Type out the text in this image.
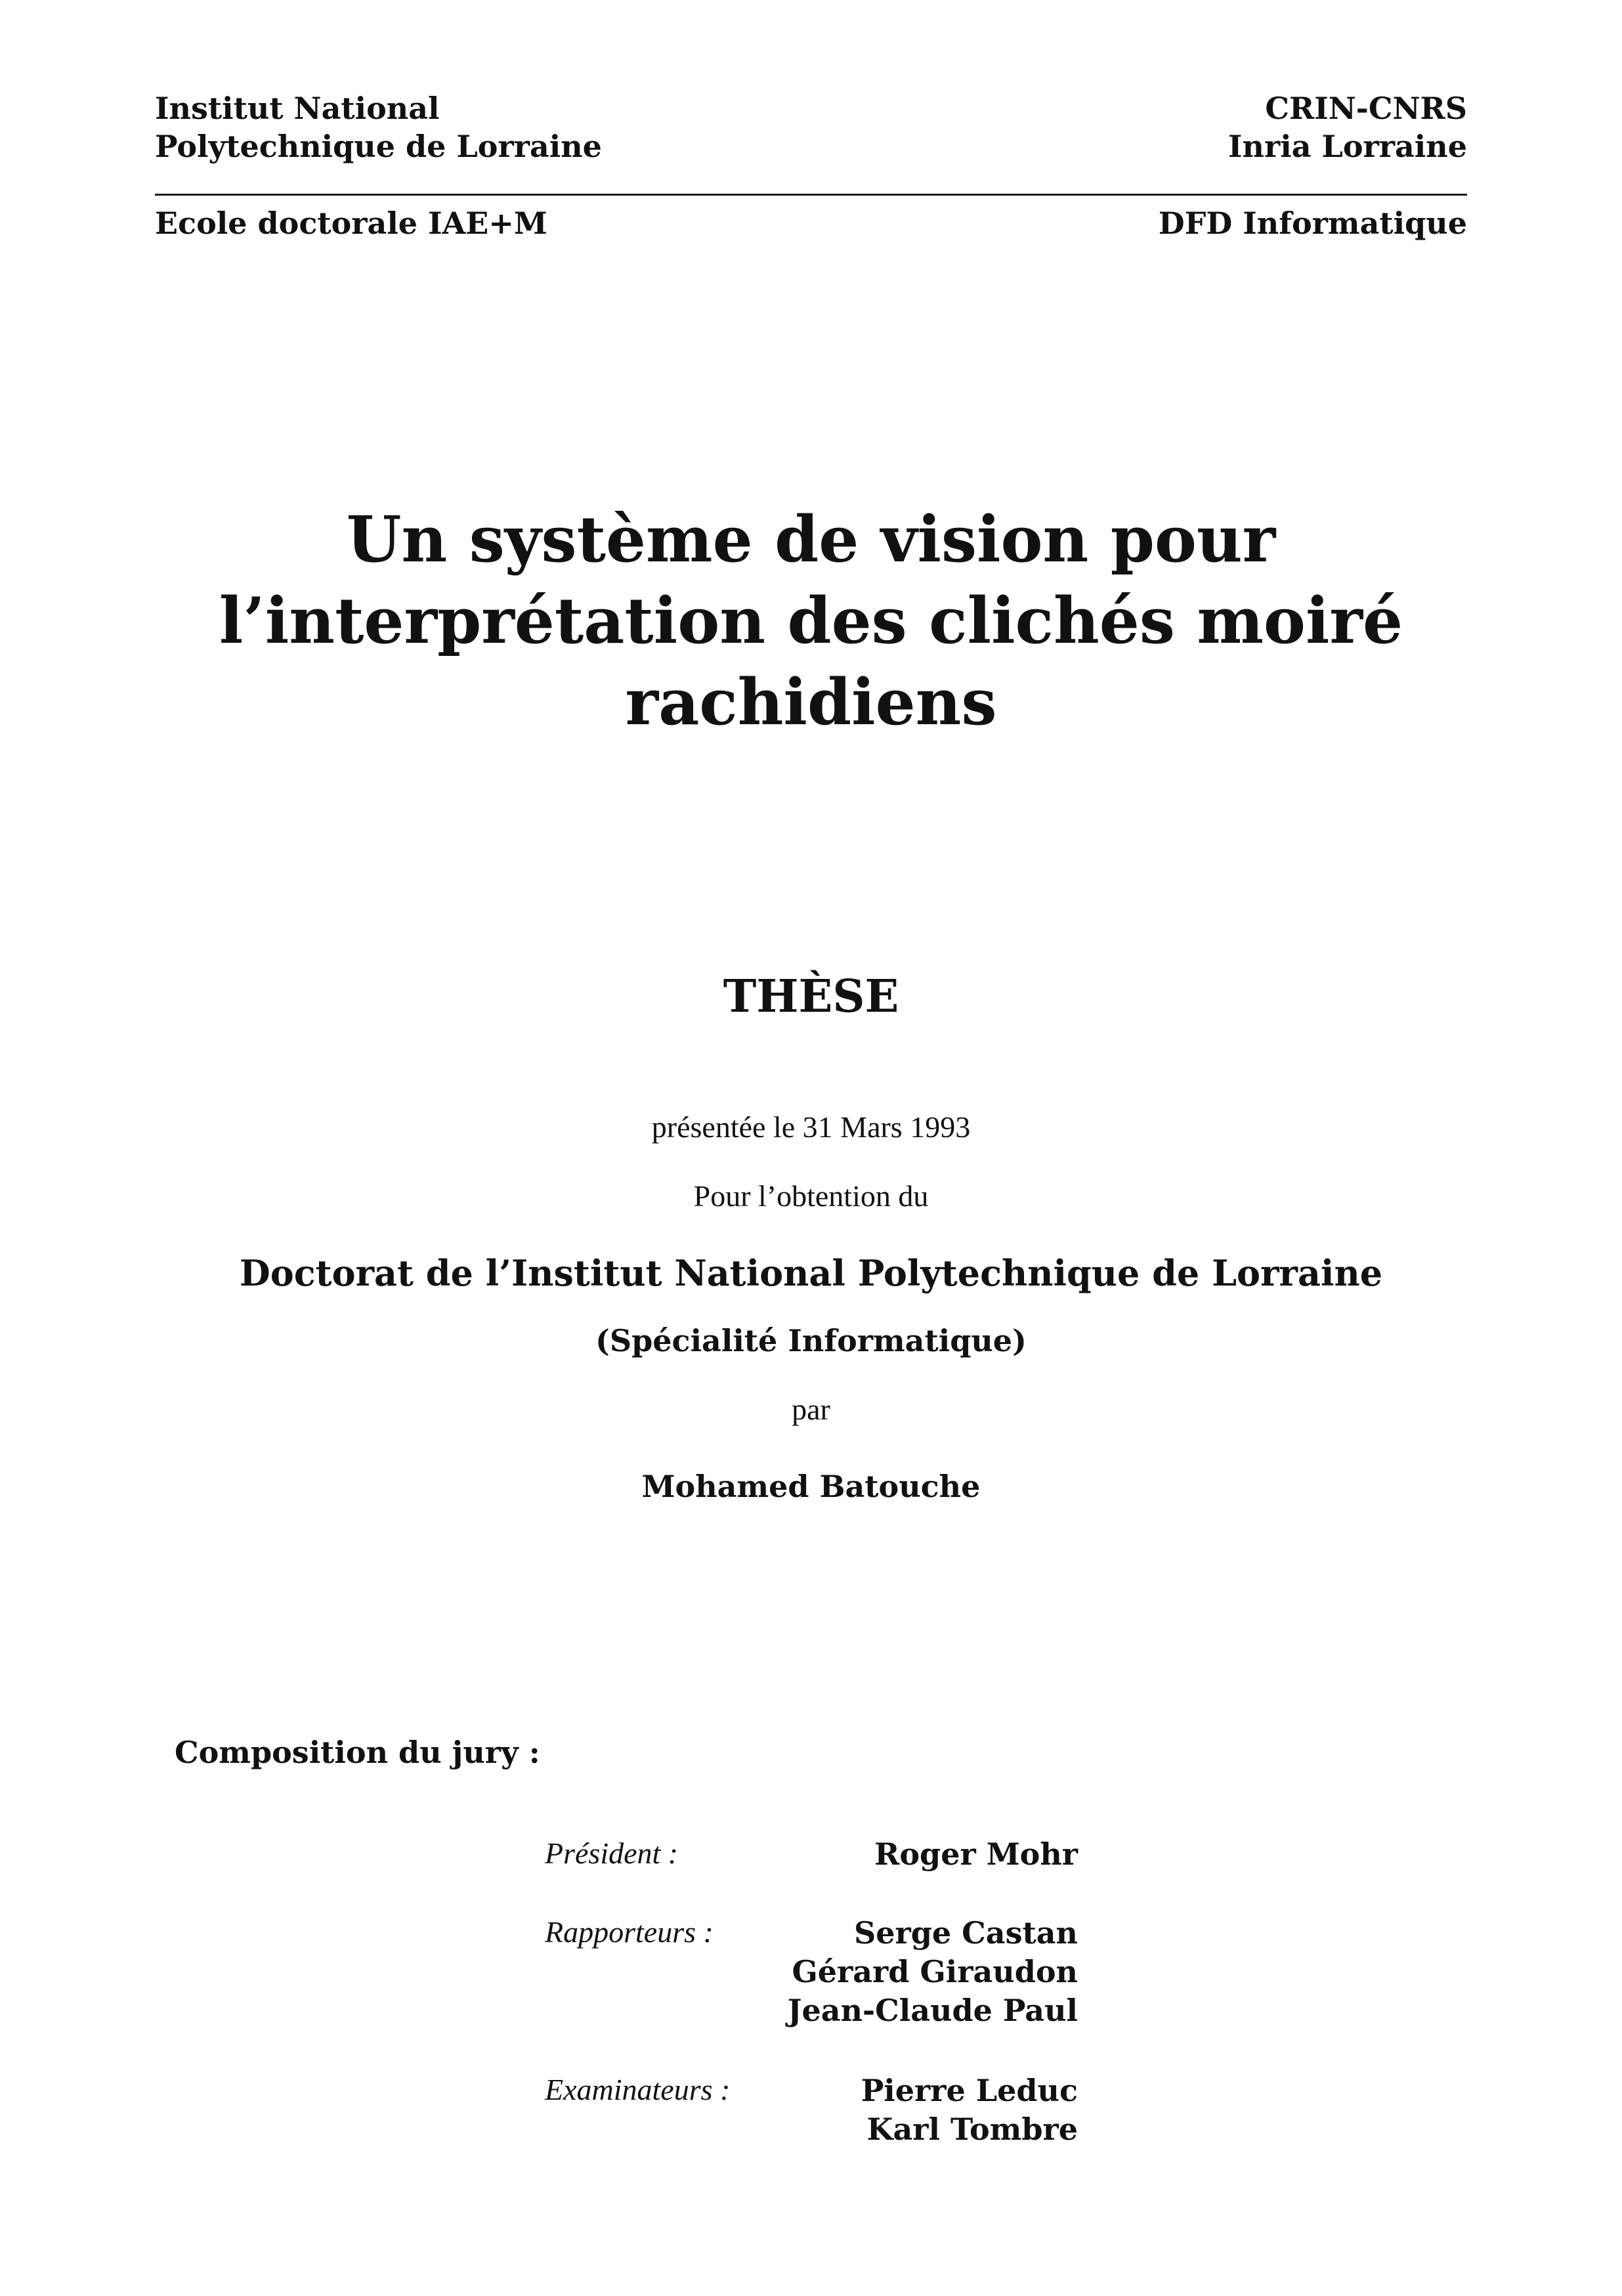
Institut National
Polytechnique de Lorraine
CRIN-CNRS
Inria Lorraine
Ecole doctorale IAE+M	DFD Informatique
Un système de vision pour
l’interprétation des clichés moiré
rachidiens
THÈSE
présentée le 31 Mars 1993
Pour l’obtention du
Doctorat de l’Institut National Polytechnique de Lorraine
(Spécialité Informatique)
par
Mohamed Batouche
Composition du jury :
Président :	Roger Mohr
Rapporteurs :	Serge Castan
Gérard Giraudon
Jean-Claude Paul
Examinateurs :	Pierre Leduc
Karl Tombre
